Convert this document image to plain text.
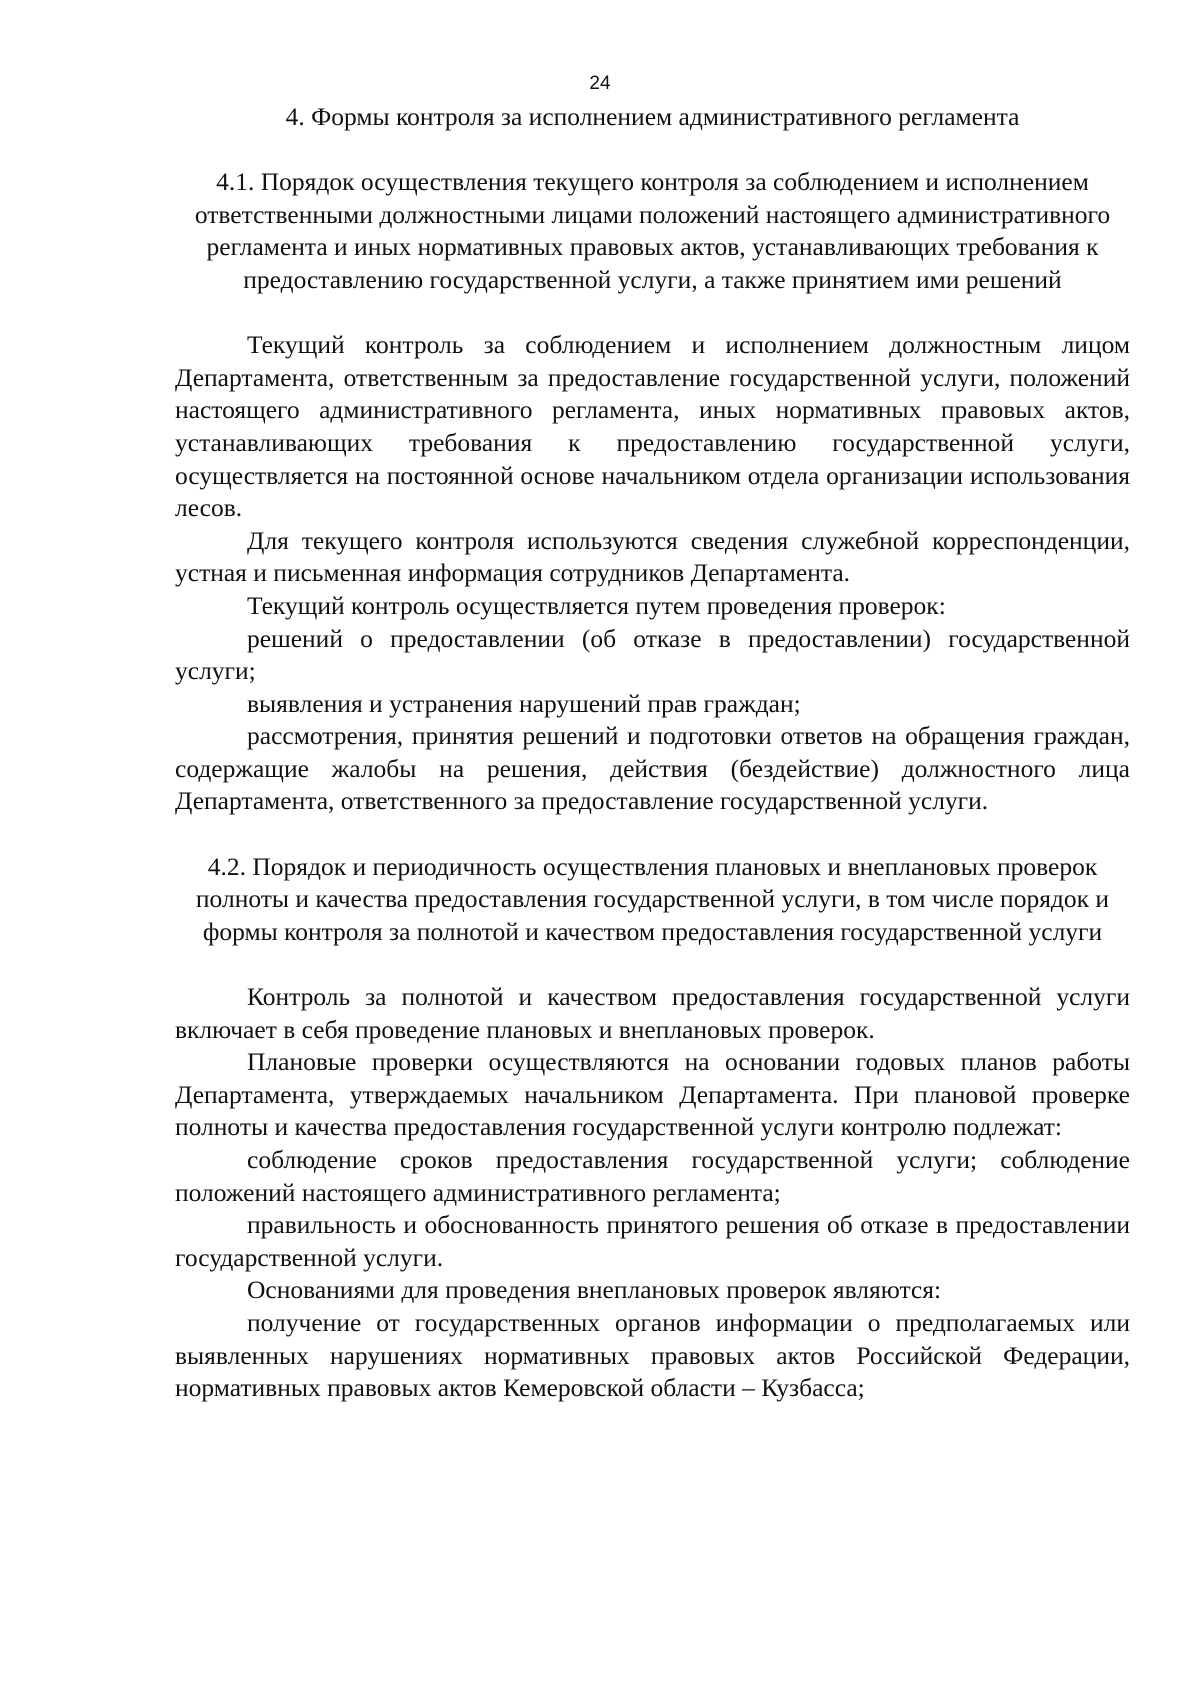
24
4. Формы контроля за исполнением административного регламента
4.1. Порядок осуществления текущего контроля за соблюдением и исполнением ответственными должностными лицами положений настоящего административного регламента и иных нормативных правовых актов, устанавливающих требования к предоставлению государственной услуги, а также принятием ими решений

Текущий контроль за соблюдением и исполнением должностным лицом Департамента, ответственным за предоставление государственной услуги, положений настоящего административного регламента, иных нормативных правовых актов, устанавливающих требования к предоставлению государственной услуги, осуществляется на постоянной основе начальником отдела организации использования лесов.

Для текущего контроля используются сведения служебной корреспонденции, устная и письменная информация сотрудников Департамента.

Текущий контроль осуществляется путем проведения проверок:

решений о предоставлении (об отказе в предоставлении) государственной услуги;

выявления и устранения нарушений прав граждан;

рассмотрения, принятия решений и подготовки ответов на обращения граждан, содержащие жалобы на решения, действия (бездействие) должностного лица Департамента, ответственного за предоставление государственной услуги.

4.2. Порядок и периодичность осуществления плановых и внеплановых проверок полноты и качества предоставления государственной услуги, в том числе порядок и формы контроля за полнотой и качеством предоставления государственной услуги

Контроль за полнотой и качеством предоставления государственной услуги включает в себя проведение плановых и внеплановых проверок.

Плановые проверки осуществляются на основании годовых планов работы Департамента, утверждаемых начальником Департамента. При плановой проверке полноты и качества предоставления государственной услуги контролю подлежат:

соблюдение сроков предоставления государственной услуги; соблюдение положений настоящего административного регламента;

правильность и обоснованность принятого решения об отказе в предоставлении государственной услуги.

Основаниями для проведения внеплановых проверок являются:

получение от государственных органов информации о предполагаемых или выявленных нарушениях нормативных правовых актов Российской Федерации, нормативных правовых актов Кемеровской области – Кузбасса;
